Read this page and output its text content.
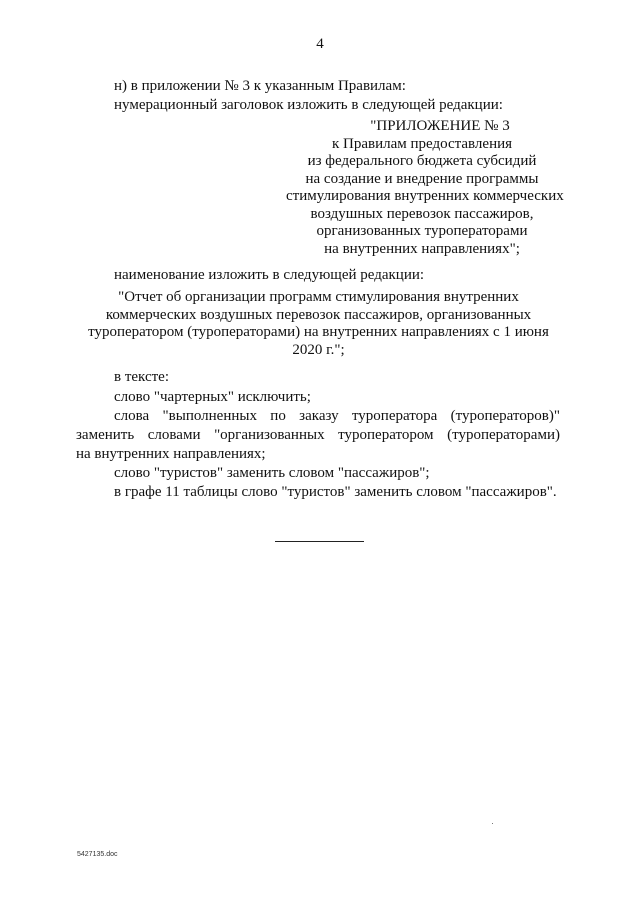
4
н) в приложении № 3 к указанным Правилам:
нумерационный заголовок изложить в следующей редакции:
"ПРИЛОЖЕНИЕ № 3
к Правилам предоставления
из федерального бюджета субсидий
на создание и внедрение программы
стимулирования внутренних коммерческих
воздушных перевозок пассажиров,
организованных туроператорами
на внутренних направлениях";
наименование изложить в следующей редакции:
"Отчет об организации программ стимулирования внутренних
коммерческих воздушных перевозок пассажиров, организованных
туроператором (туроператорами) на внутренних направлениях с 1 июня
2020 г.";
в тексте:
слово "чартерных" исключить;
слова "выполненных по заказу туроператора (туроператоров)"
заменить словами "организованных туроператором (туроператорами)
на внутренних направлениях;
слово "туристов" заменить словом "пассажиров";
в графе 11 таблицы слово "туристов" заменить словом "пассажиров".
5427135.doc
